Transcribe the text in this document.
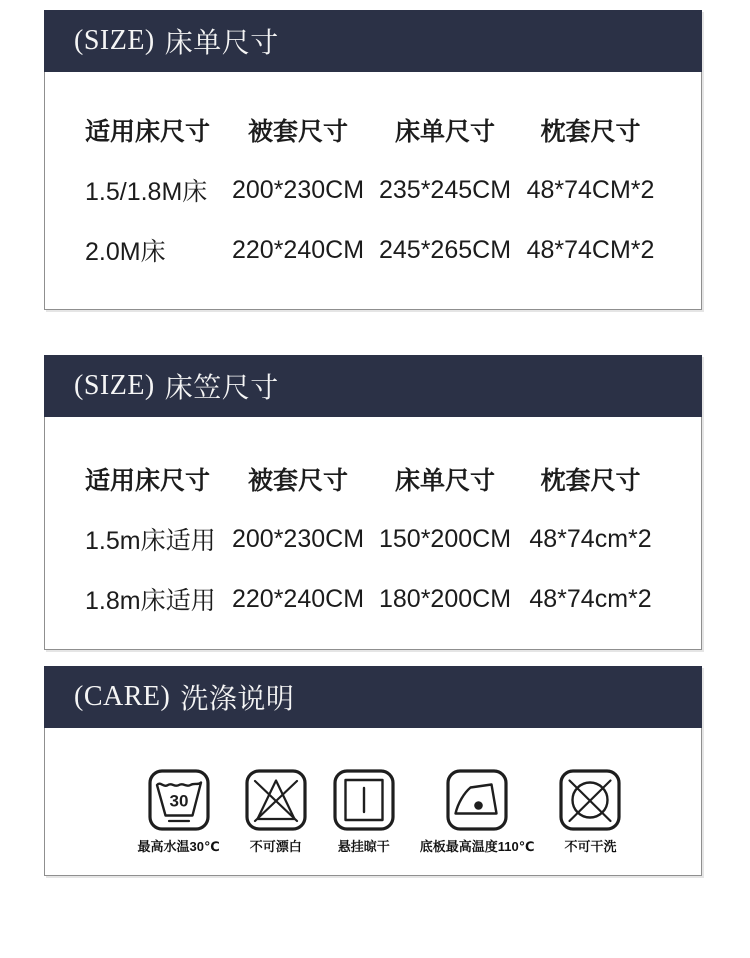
(SIZE) 床单尺寸
适用床尺寸	被套尺寸	床单尺寸	枕套尺寸
1.5/1.8M床 200*230CM 235*245CM 48*74CM*2
2.0M床	220*240CM 245*265CM 48*74CM*2
(SIZE) 床笠尺寸
适用床尺寸	被套尺寸	床单尺寸	枕套尺寸
1.5m床适用 200*230CM 150*200CM 48*74cm*2
1.8m床适用 220*240CM 180*200CM 48*74cm*2
(CARE) 洗涤说明
30
最高水温30℃ 不可漂白	悬挂晾干 底板最高温度110℃ 不可干洗
